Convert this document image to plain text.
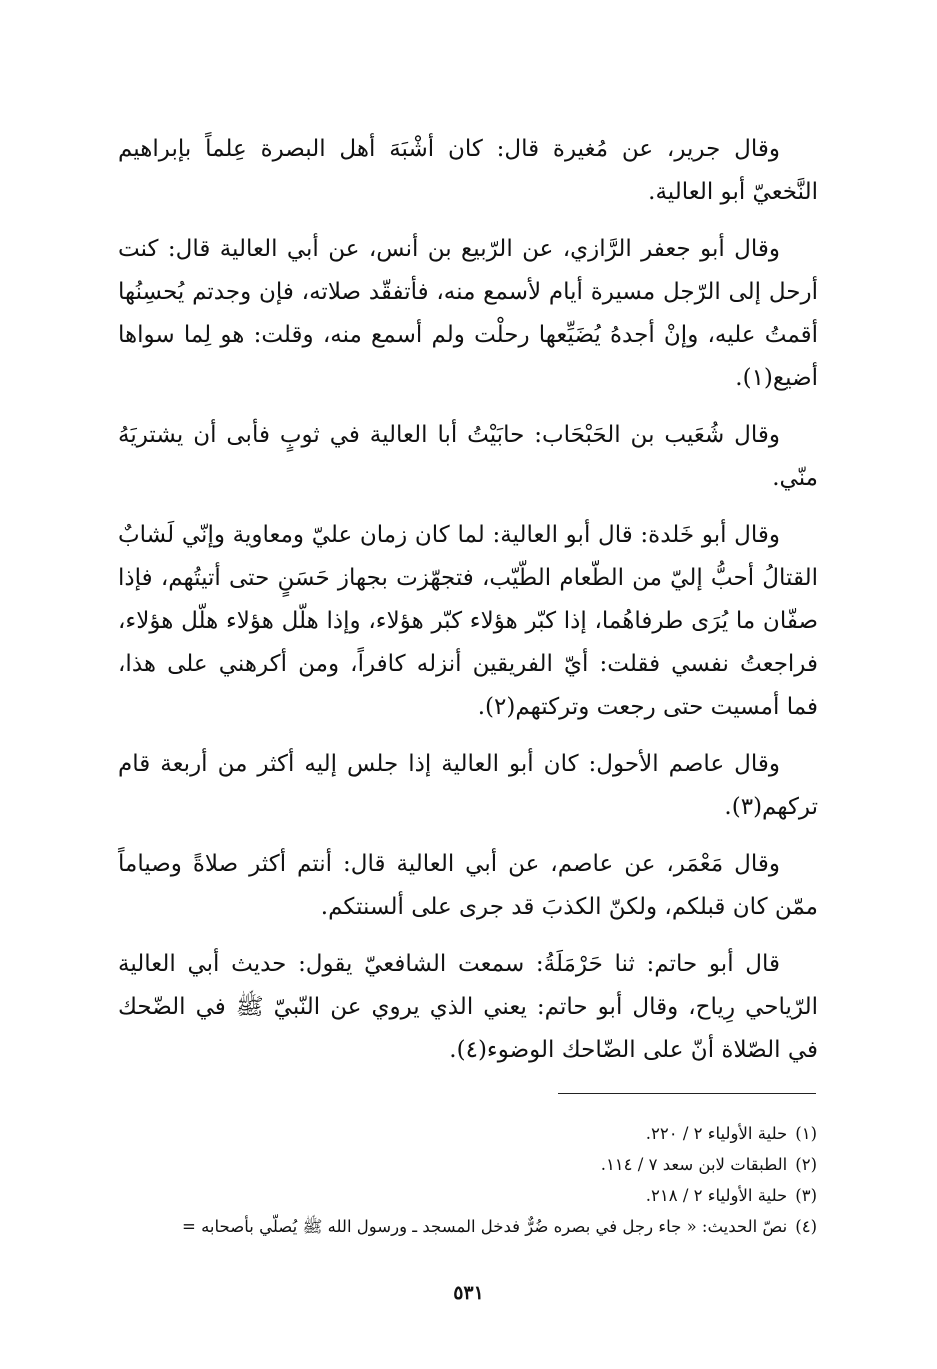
وقال جرير، عن مُغيرة قال: كان أشْبَهَ أهل البصرة عِلماً بإبراهيم النَّخعيّ أبو العالية.

وقال أبو جعفر الرَّازي، عن الرّبيع بن أنس، عن أبي العالية قال: كنت أرحل إلى الرّجل مسيرة أيام لأسمع منه، فأتفقّد صلاته، فإن وجدتم يُحسِنُها أقمتُ عليه، وإنْ أجدهُ يُضَيِّعها رحلْت ولم أسمع منه، وقلت: هو لِما سواها أضيع(١).

وقال شُعَيب بن الحَبْحَاب: حابَيْتُ أبا العالية في ثوبٍ فأبى أن يشتريَهُ منّي.

وقال أبو خَلدة: قال أبو العالية: لما كان زمان عليّ ومعاوية وإنّي لَشابٌ القتالُ أحبُّ إليّ من الطّعام الطّيّب، فتجهّزت بجهاز حَسَنٍ حتى أتيتُهم، فإذا صفّان ما يُرَى طرفاهُما، إذا كبّر هؤلاء كبّر هؤلاء، وإذا هلّل هؤلاء هلّل هؤلاء، فراجعتُ نفسي فقلت: أيّ الفريقين أنزله كافراً، ومن أكرهني على هذا، فما أمسيت حتى رجعت وتركتهم(٢).

وقال عاصم الأحول: كان أبو العالية إذا جلس إليه أكثر من أربعة قام تركهم(٣).

وقال مَعْمَر، عن عاصم، عن أبي العالية قال: أنتم أكثر صلاةً وصياماً ممّن كان قبلكم، ولكنّ الكذبَ قد جرى على ألسنتكم.

قال أبو حاتم: ثنا حَرْمَلَةُ: سمعت الشافعيّ يقول: حديث أبي العالية الرّياحي رِياح، وقال أبو حاتم: يعني الذي يروي عن النّبيّ ﷺ في الضّحك في الصّلاة أنّ على الضّاحك الوضوء(٤).

(١)حلية الأولياء ٢ / ٢٢٠.
(٢)الطبقات لابن سعد ٧ / ١١٤.
(٣)حلية الأولياء ٢ / ٢١٨.
(٤)نصّ الحديث: « جاء رجل في بصره ضُرٌّ فدخل المسجد ـ ورسول الله ﷺ يُصلّي بأصحابه =
٥٣١
